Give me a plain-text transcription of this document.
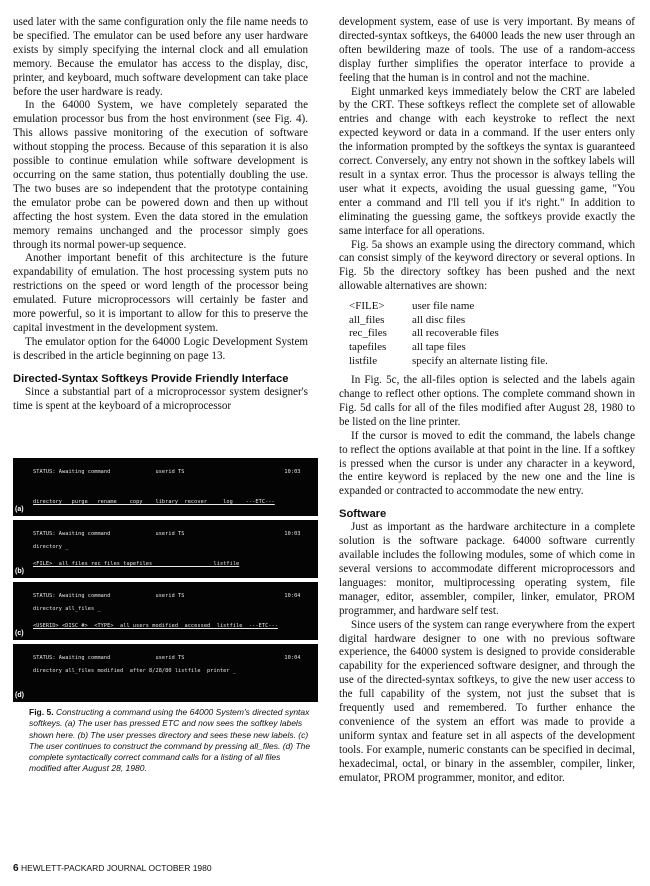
used later with the same configuration only the file name needs to be specified. The emulator can be used before any user hardware exists by simply specifying the internal clock and all emulation memory. Because the emulator has access to the display, disc, printer, and keyboard, much software development can take place before the user hardware is ready.

In the 64000 System, we have completely separated the emulation processor bus from the host environment (see Fig. 4). This allows passive monitoring of the execution of software without stopping the process. Because of this separation it is also possible to continue emulation while software development is occurring on the same station, thus potentially doubling the use. The two buses are so independent that the prototype containing the emulator probe can be powered down and then up without affecting the host system. Even the data stored in the emulation memory remains unchanged and the processor simply goes through its normal power-up sequence.

Another important benefit of this architecture is the future expandability of emulation. The host processing system puts no restrictions on the speed or word length of the processor being emulated. Future microprocessors will certainly be faster and more powerful, so it is important to allow for this to preserve the capital investment in the development system.

The emulator option for the 64000 Logic Development System is described in the article beginning on page 13.

Directed-Syntax Softkeys Provide Friendly Interface

Since a substantial part of a microprocessor system designer's time is spent at the keyboard of a microprocessor

STATUS: Awaiting command              userid TS                               10:03
directory   purge   rename    copy    library  recover     log    ---ETC---
(a)
STATUS: Awaiting command              userid TS                               10:03
directory _
<FILE>  all_files rec_files tapefiles                   listfile
(b)
STATUS: Awaiting command              userid TS                               10:04
directory all_files _
<USERID> <DISC #>  <TYPE>  all_users modified  accessed  listfile  ---ETC---
(c)
STATUS: Awaiting command              userid TS                               10:04
directory all_files modified  after 8/28/80 listfile  printer _
(d)
Fig. 5. Constructing a command using the 64000 System's directed syntax softkeys. (a) The user has pressed ETC and now sees the softkey labels shown here. (b) The user presses directory and sees these new labels. (c) The user continues to construct the command by pressing all_files. (d) The complete syntactically correct command calls for a listing of all files modified after August 28, 1980.

development system, ease of use is very important. By means of directed-syntax softkeys, the 64000 leads the new user through an often bewildering maze of tools. The use of a random-access display further simplifies the operator interface to provide a feeling that the human is in control and not the machine.

Eight unmarked keys immediately below the CRT are labeled by the CRT. These softkeys reflect the complete set of allowable entries and change with each keystroke to reflect the next expected keyword or data in a command. If the user enters only the information prompted by the softkeys the syntax is guaranteed correct. Conversely, any entry not shown in the softkey labels will result in a syntax error. Thus the processor is always telling the user what it expects, avoiding the usual guessing game, "You enter a command and I'll tell you if it's right." In addition to eliminating the guessing game, the softkeys provide exactly the same interface for all operations.

Fig. 5a shows an example using the directory command, which can consist simply of the keyword directory or several options. In Fig. 5b the directory softkey has been pushed and the next allowable alternatives are shown:

<FILE>	user file name
all_files	all disc files
rec_files	all recoverable files
tapefiles	all tape files
listfile	specify an alternate listing file.

In Fig. 5c, the all-files option is selected and the labels again change to reflect other options. The complete command shown in Fig. 5d calls for all of the files modified after August 28, 1980 to be listed on the line printer.

If the cursor is moved to edit the command, the labels change to reflect the options available at that point in the line. If a softkey is pressed when the cursor is under any character in a keyword, the entire keyword is replaced by the new one and the line is expanded or contracted to accommodate the new entry.

Software

Just as important as the hardware architecture in a complete solution is the software package. 64000 software currently available includes the following modules, some of which come in several versions to accommodate different microprocessors and languages: monitor, multiprocessing operating system, file manager, editor, assembler, compiler, linker, emulator, PROM programmer, and hardware self test.

Since users of the system can range everywhere from the expert digital hardware designer to one with no previous software experience, the 64000 system is designed to provide considerable capability for the experienced software designer, and through the use of the directed-syntax softkeys, to give the new user access to the full capability of the system, not just the subset that is frequently used and remembered. To further enhance the convenience of the system an effort was made to provide a uniform syntax and feature set in all aspects of the development tools. For example, numeric constants can be specified in decimal, hexadecimal, octal, or binary in the assembler, compiler, linker, emulator, PROM programmer, monitor, and editor.

6 HEWLETT-PACKARD JOURNAL OCTOBER 1980
